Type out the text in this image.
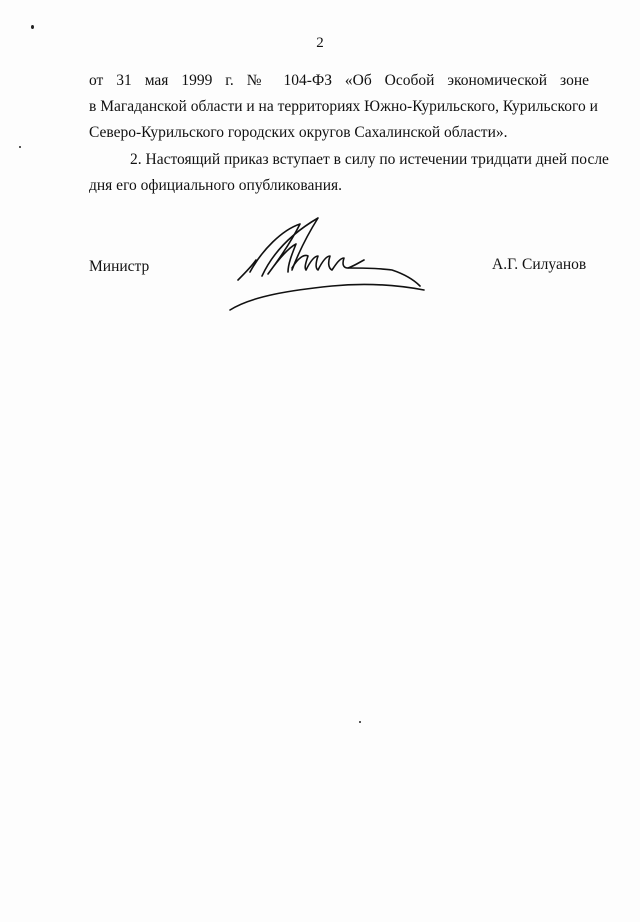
2
от 31 мая 1999 г. № 104-ФЗ «Об Особой экономической зоне
в Магаданской области и на территориях Южно-Курильского, Курильского и
Северо-Курильского городских округов Сахалинской области».
2. Настоящий приказ вступает в силу по истечении тридцати дней после
дня его официального опубликования.
Министр	А.Г. Силуанов
